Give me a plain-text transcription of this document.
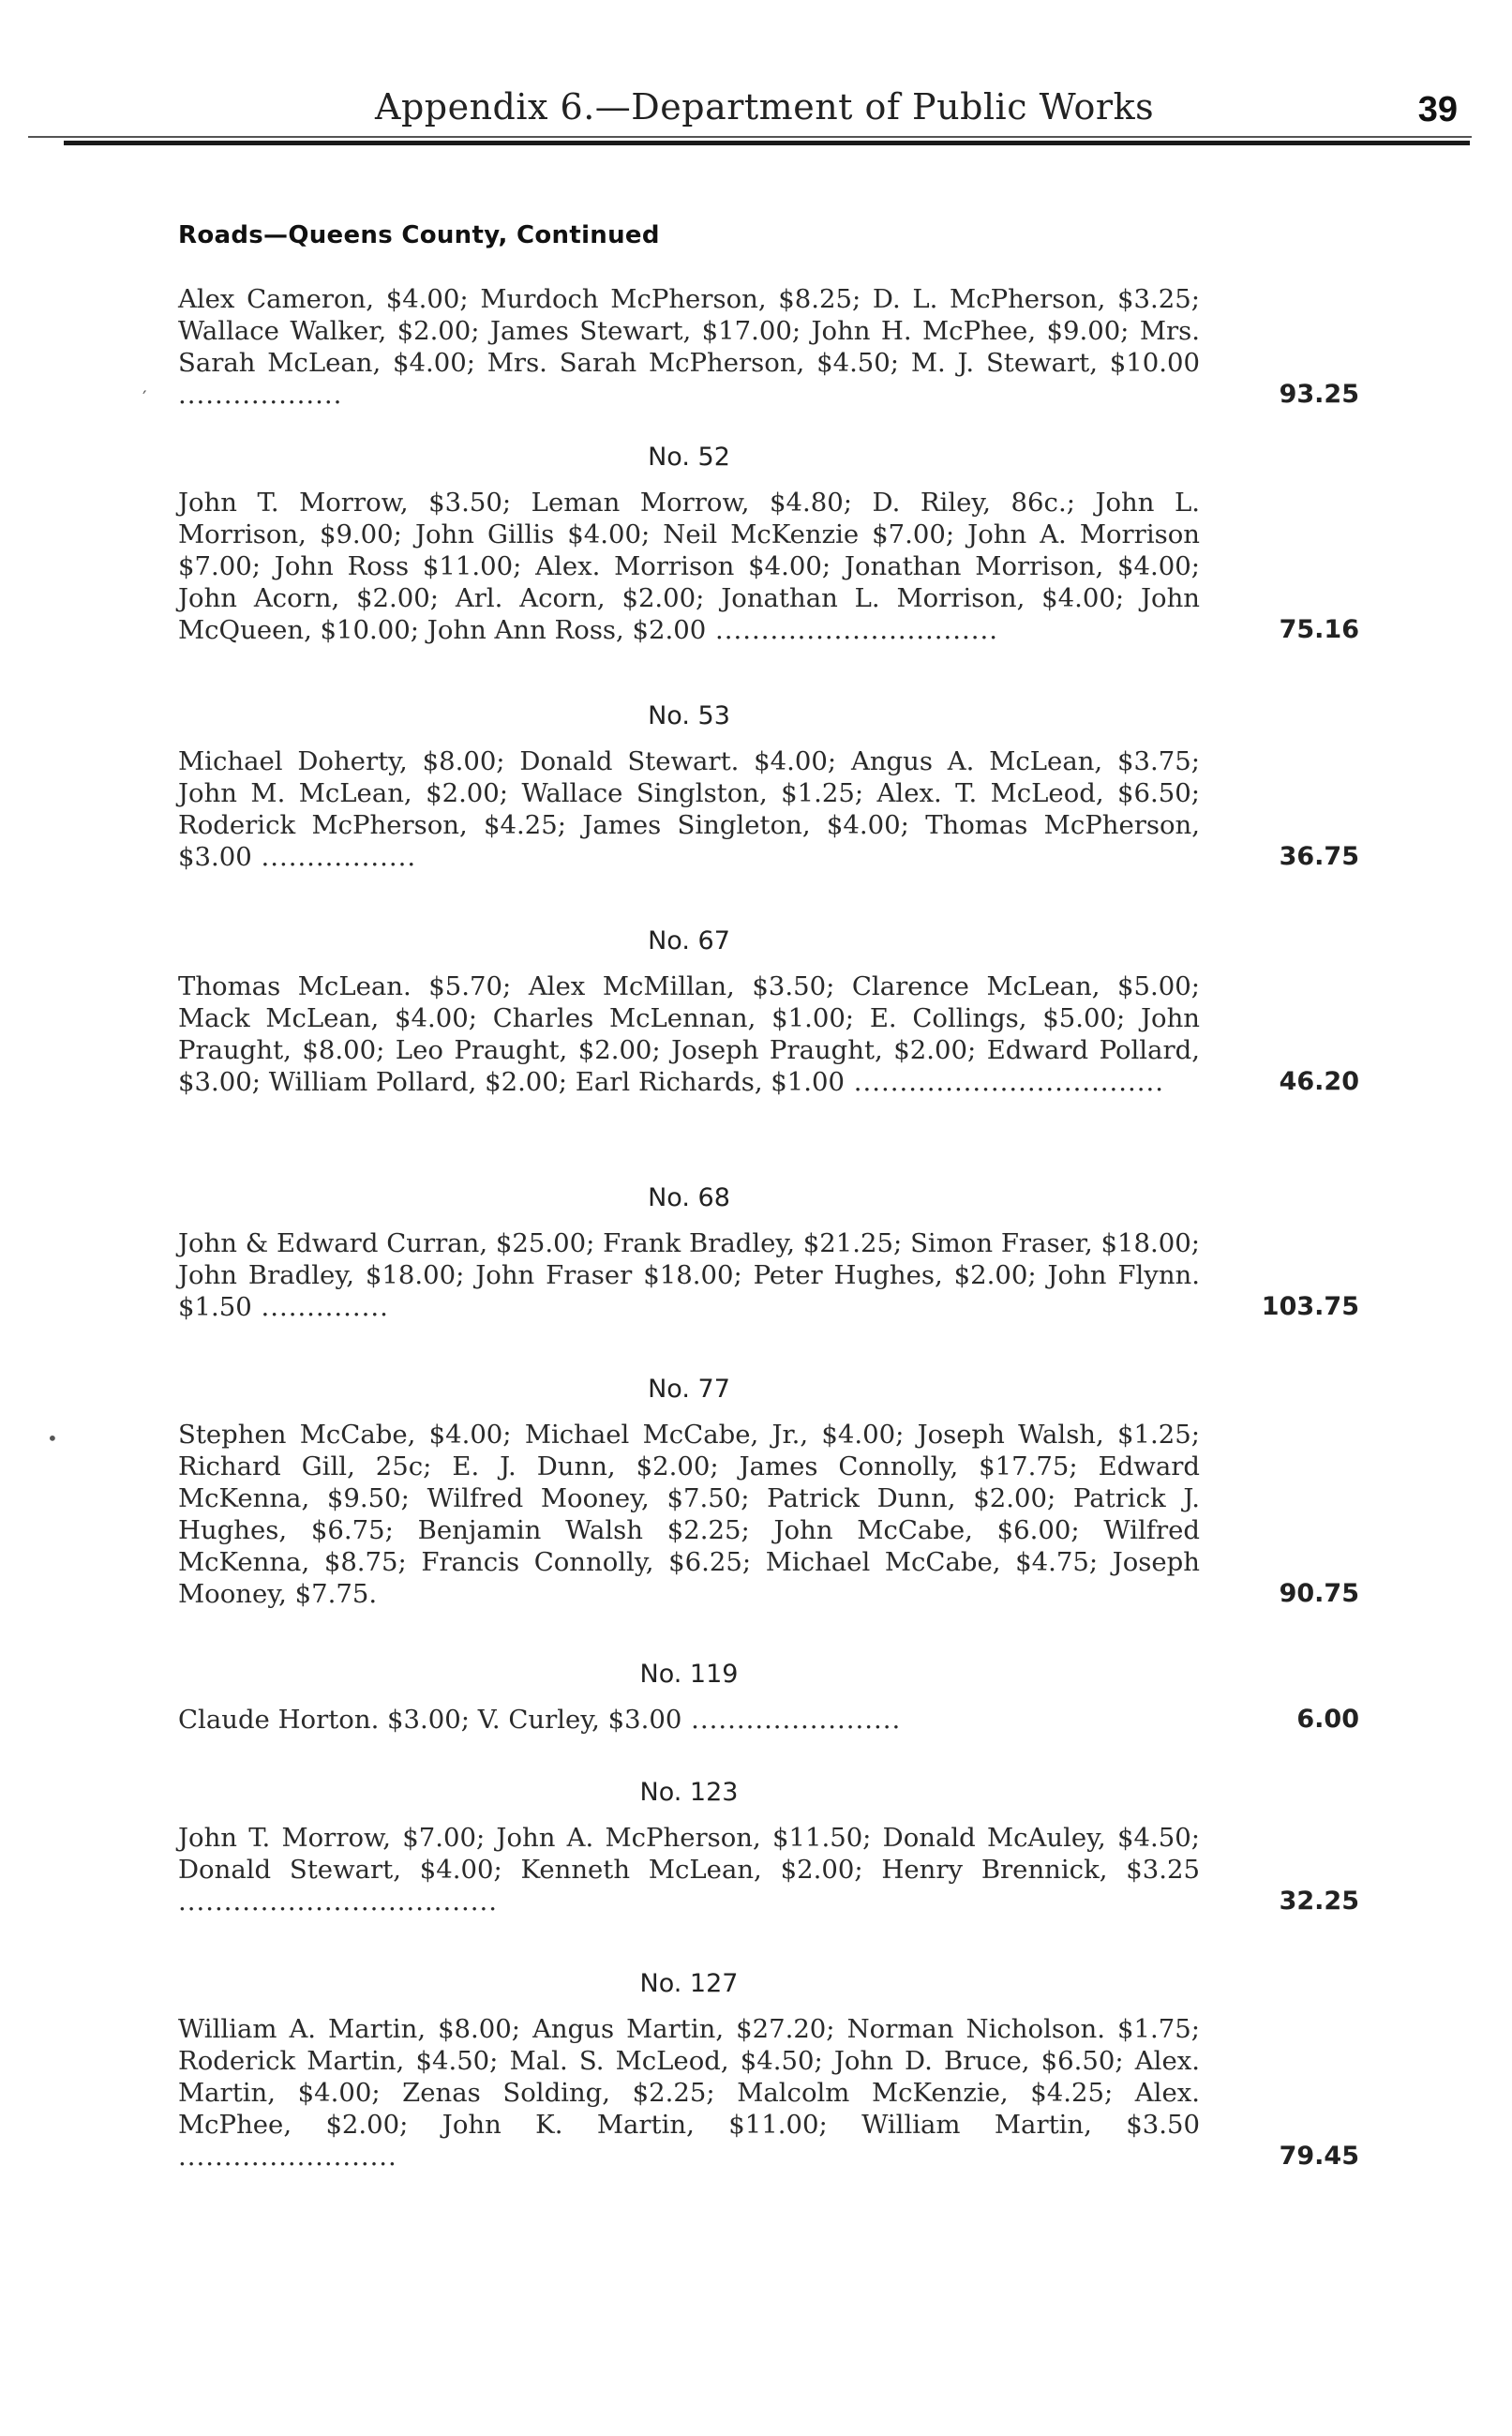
Appendix 6.—Department of Public Works	39
Roads—Queens County, Continued
Alex Cameron, $4.00; Murdoch McPherson, $8.25; D. L. McPherson, $3.25; Wallace Walker, $2.00; James Stewart, $17.00; John H. McPhee, $9.00; Mrs. Sarah McLean, $4.00; Mrs. Sarah McPherson, $4.50; M. J. Stewart, $10.00 ..................	93.25
No. 52
John T. Morrow, $3.50; Leman Morrow, $4.80; D. Riley, 86c.; John L. Morrison, $9.00; John Gillis $4.00; Neil McKenzie $7.00; John A. Morrison $7.00; John Ross $11.00; Alex. Morrison $4.00; Jonathan Morrison, $4.00; John Acorn, $2.00; Arl. Acorn, $2.00; Jonathan L. Morrison, $4.00; John McQueen, $10.00; John Ann Ross, $2.00 ...............................	75.16
No. 53
Michael Doherty, $8.00; Donald Stewart. $4.00; Angus A. McLean, $3.75; John M. McLean, $2.00; Wallace Singlston, $1.25; Alex. T. McLeod, $6.50; Roderick McPherson, $4.25; James Singleton, $4.00; Thomas McPherson, $3.00 .................	36.75
No. 67
Thomas McLean. $5.70; Alex McMillan, $3.50; Clarence McLean, $5.00; Mack McLean, $4.00; Charles McLennan, $1.00; E. Collings, $5.00; John Praught, $8.00; Leo Praught, $2.00; Joseph Praught, $2.00; Edward Pollard, $3.00; William Pollard, $2.00; Earl Richards, $1.00 ..................................	46.20
No. 68
John & Edward Curran, $25.00; Frank Bradley, $21.25; Simon Fraser, $18.00; John Bradley, $18.00; John Fraser $18.00; Peter Hughes, $2.00; John Flynn. $1.50 ..............	103.75
No. 77
Stephen McCabe, $4.00; Michael McCabe, Jr., $4.00; Joseph Walsh, $1.25; Richard Gill, 25c; E. J. Dunn, $2.00; James Connolly, $17.75; Edward McKenna, $9.50; Wilfred Mooney, $7.50; Patrick Dunn, $2.00; Patrick J. Hughes, $6.75; Benjamin Walsh $2.25; John McCabe, $6.00; Wilfred McKenna, $8.75; Francis Connolly, $6.25; Michael McCabe, $4.75; Joseph Mooney, $7.75.	90.75
No. 119
Claude Horton. $3.00; V. Curley, $3.00 .......................	6.00
No. 123
John T. Morrow, $7.00; John A. McPherson, $11.50; Donald McAuley, $4.50; Donald Stewart, $4.00; Kenneth McLean, $2.00; Henry Brennick, $3.25 ...................................	32.25
No. 127
William A. Martin, $8.00; Angus Martin, $27.20; Norman Nicholson. $1.75; Roderick Martin, $4.50; Mal. S. McLeod, $4.50; John D. Bruce, $6.50; Alex. Martin, $4.00; Zenas Solding, $2.25; Malcolm McKenzie, $4.25; Alex. McPhee, $2.00; John K. Martin, $11.00; William Martin, $3.50 ........................	79.45
′
•
